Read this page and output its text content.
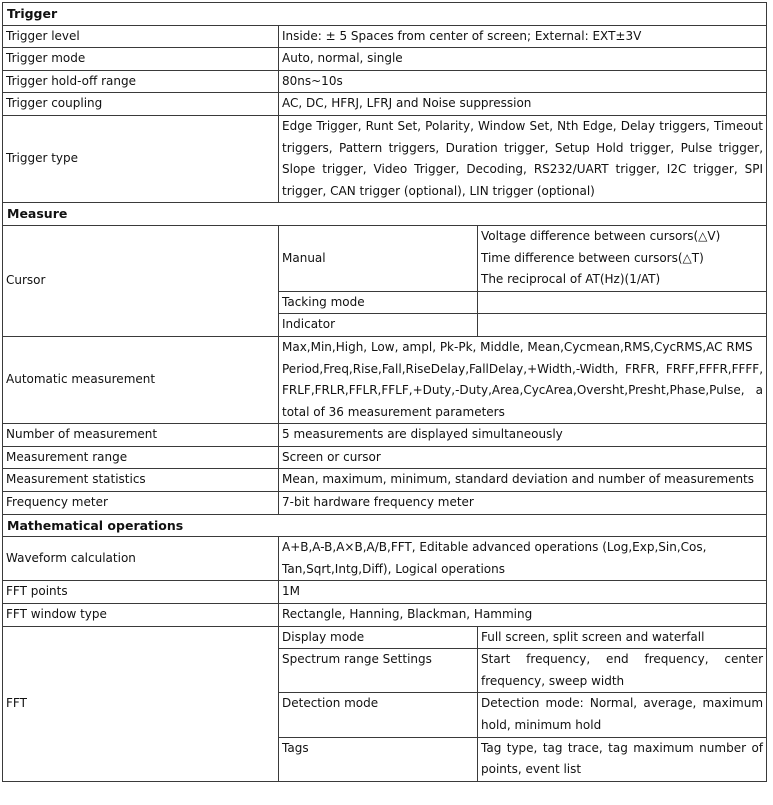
Trigger		
Trigger level	Inside: ± 5 Spaces from center of screen; External: EXT±3V	
Trigger mode	Auto, normal, single	
Trigger hold-off range	80ns~10s	
Trigger coupling	AC, DC, HFRJ, LFRJ and Noise suppression	
Trigger type	Edge Trigger, Runt Set, Polarity, Window Set, Nth Edge, Delay triggers, Timeout triggers, Pattern triggers, Duration trigger, Setup Hold trigger, Pulse trigger, Slope trigger, Video Trigger, Decoding, RS232/UART trigger, I2C trigger, SPI trigger, CAN trigger (optional), LIN trigger (optional)	
Measure		
Cursor	Manual	Voltage difference between cursors(△V)
Time difference between cursors(△T)
The reciprocal of AT(Hz)(1/AT)

	Tacking mode	
	Indicator	
Automatic measurement	Max,Min,High, Low, ampl, Pk-Pk, Middle, Mean,Cycmean,RMS,CycRMS,AC RMS
Period,Freq,Rise,Fall,RiseDelay,FallDelay,+Width,-Width, FRFR, FRFF,FFFR,FFFF, FRLF,FRLR,FFLR,FFLF,+Duty,-Duty,Area,CycArea,Oversht,Presht,Phase,Pulse, a total of 36 measurement parameters	

Number of measurement	5 measurements are displayed simultaneously	
Measurement range	Screen or cursor	
Measurement statistics	Mean, maximum, minimum, standard deviation and number of measurements	
Frequency meter	7-bit hardware frequency meter	
Mathematical operations		
Waveform calculation	A+B,A-B,A×B,A/B,FFT, Editable advanced operations (Log,Exp,Sin,Cos, Tan,Sqrt,Intg,Diff), Logical operations	
FFT points	1M	
FFT window type	Rectangle, Hanning, Blackman, Hamming	
FFT	Display mode	Full screen, split screen and waterfall
	Spectrum range Settings	Start frequency, end frequency, center frequency, sweep width
	Detection mode	Detection mode: Normal, average, maximum hold, minimum hold
	Tags	Tag type, tag trace, tag maximum number of points, event list
